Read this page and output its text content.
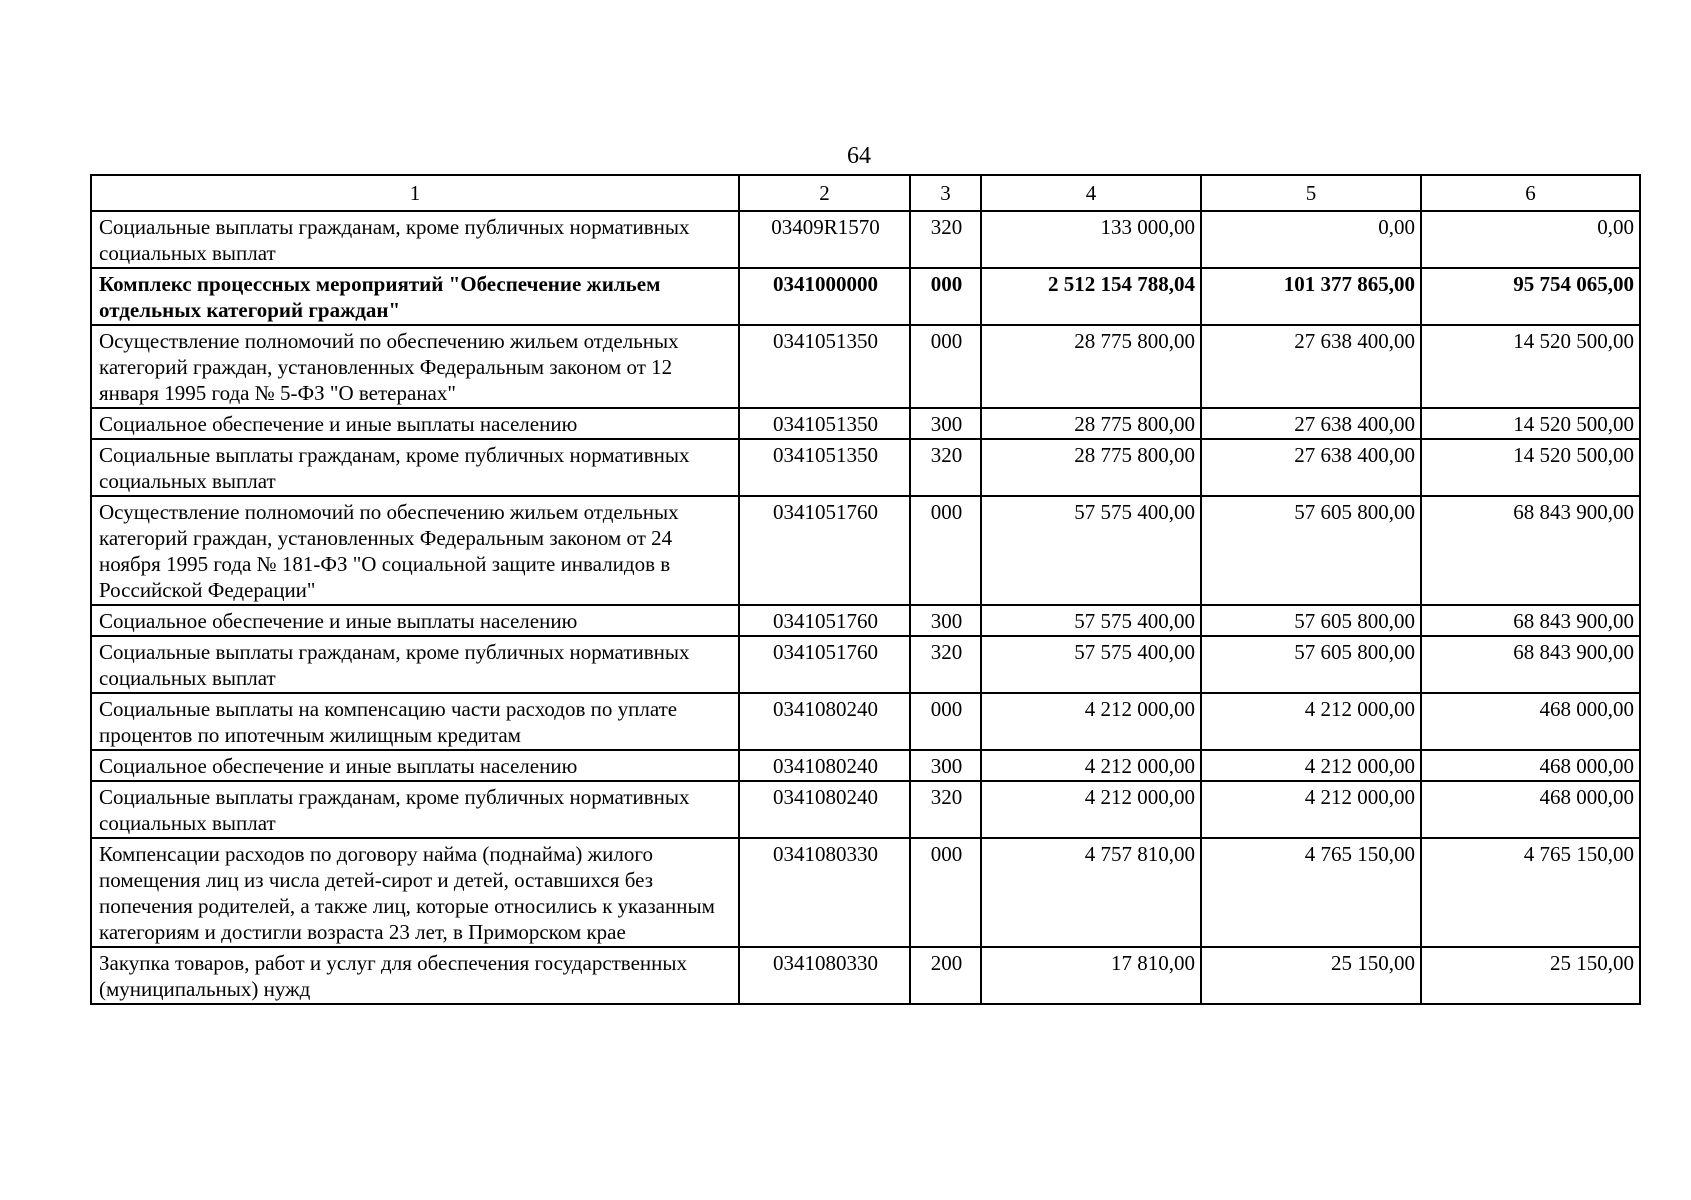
64
1	2	3	4	5	6
Социальные выплаты гражданам, кроме публичных нормативных социальных выплат	03409R1570	320	133 000,00	0,00	0,00
Комплекс процессных мероприятий "Обеспечение жильем отдельных категорий граждан"	0341000000	000	2 512 154 788,04	101 377 865,00	95 754 065,00
Осуществление полномочий по обеспечению жильем отдельных категорий граждан, установленных Федеральным законом от 12 января 1995 года № 5-ФЗ "О ветеранах"	0341051350	000	28 775 800,00	27 638 400,00	14 520 500,00
Социальное обеспечение и иные выплаты населению	0341051350	300	28 775 800,00	27 638 400,00	14 520 500,00
Социальные выплаты гражданам, кроме публичных нормативных социальных выплат	0341051350	320	28 775 800,00	27 638 400,00	14 520 500,00
Осуществление полномочий по обеспечению жильем отдельных категорий граждан, установленных Федеральным законом от 24 ноября 1995 года № 181-ФЗ "О социальной защите инвалидов в Российской Федерации"	0341051760	000	57 575 400,00	57 605 800,00	68 843 900,00
Социальное обеспечение и иные выплаты населению	0341051760	300	57 575 400,00	57 605 800,00	68 843 900,00
Социальные выплаты гражданам, кроме публичных нормативных социальных выплат	0341051760	320	57 575 400,00	57 605 800,00	68 843 900,00
Социальные выплаты на компенсацию части расходов по уплате процентов по ипотечным жилищным кредитам	0341080240	000	4 212 000,00	4 212 000,00	468 000,00
Социальное обеспечение и иные выплаты населению	0341080240	300	4 212 000,00	4 212 000,00	468 000,00
Социальные выплаты гражданам, кроме публичных нормативных социальных выплат	0341080240	320	4 212 000,00	4 212 000,00	468 000,00
Компенсации расходов по договору найма (поднайма) жилого помещения лиц из числа детей-сирот и детей, оставшихся без попечения родителей, а также лиц, которые относились к указанным категориям и достигли возраста 23 лет, в Приморском крае	0341080330	000	4 757 810,00	4 765 150,00	4 765 150,00
Закупка товаров, работ и услуг для обеспечения государственных (муниципальных) нужд	0341080330	200	17 810,00	25 150,00	25 150,00
